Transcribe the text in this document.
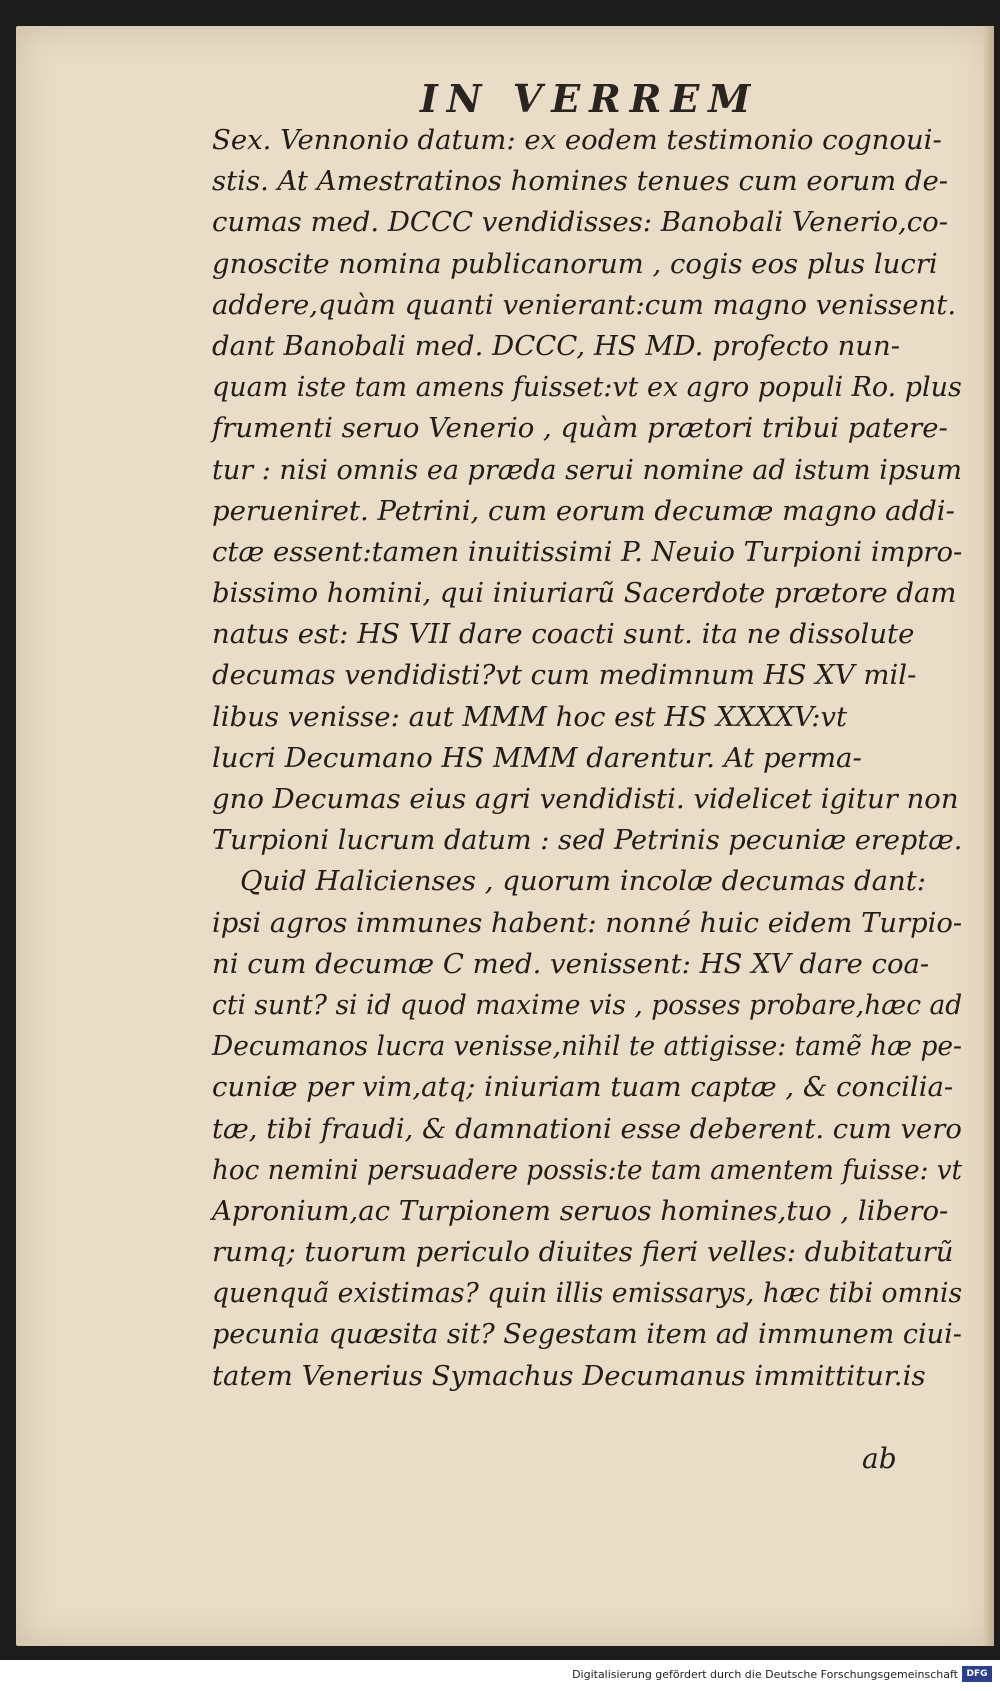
IN VERREM
Sex. Vennonio datum: ex eodem testimonio cognoui-
stis. At Amestratinos homines tenues cum eorum de-
cumas med. DCCC vendidisses: Banobali Venerio,co-
gnoscite nomina publicanorum , cogis eos plus lucri
addere,quàm quanti venierant:cum magno venissent.
dant Banobali med. DCCC, HS MD. profecto nun-
quam iste tam amens fuisset:vt ex agro populi Ro. plus
frumenti seruo Venerio , quàm prætori tribui patere-
tur : nisi omnis ea præda serui nomine ad istum ipsum
perueniret. Petrini, cum eorum decumæ magno addi-
ctæ essent:tamen inuitissimi P. Neuio Turpioni impro-
bissimo homini, qui iniuriarũ Sacerdote prætore dam
natus est: HS VII dare coacti sunt. ita ne dissolute
decumas vendidisti?vt cum medimnum HS XV mil-
libus venisse: aut MMM hoc est HS XXXXV:vt
lucri Decumano HS MMM darentur. At perma-
gno Decumas eius agri vendidisti. videlicet igitur non
Turpioni lucrum datum : sed Petrinis pecuniæ ereptæ.
Quid Halicienses , quorum incolæ decumas dant:
ipsi agros immunes habent: nonné huic eidem Turpio-
ni cum decumæ C med. venissent: HS XV dare coa-
cti sunt? si id quod maxime vis , posses probare,hæc ad
Decumanos lucra venisse,nihil te attigisse: tamẽ hæ pe-
cuniæ per vim,atq; iniuriam tuam captæ , & concilia-
tæ, tibi fraudi, & damnationi esse deberent. cum vero
hoc nemini persuadere possis:te tam amentem fuisse: vt
Apronium,ac Turpionem seruos homines,tuo , libero-
rumq; tuorum periculo diuites fieri velles: dubitaturũ
quenquã existimas? quin illis emissarys, hæc tibi omnis
pecunia quæsita sit? Segestam item ad immunem ciui-
tatem Venerius Symachus Decumanus immittitur.is
ab
Digitalisierung gefördert durch die Deutsche Forschungsgemeinschaft DFG
